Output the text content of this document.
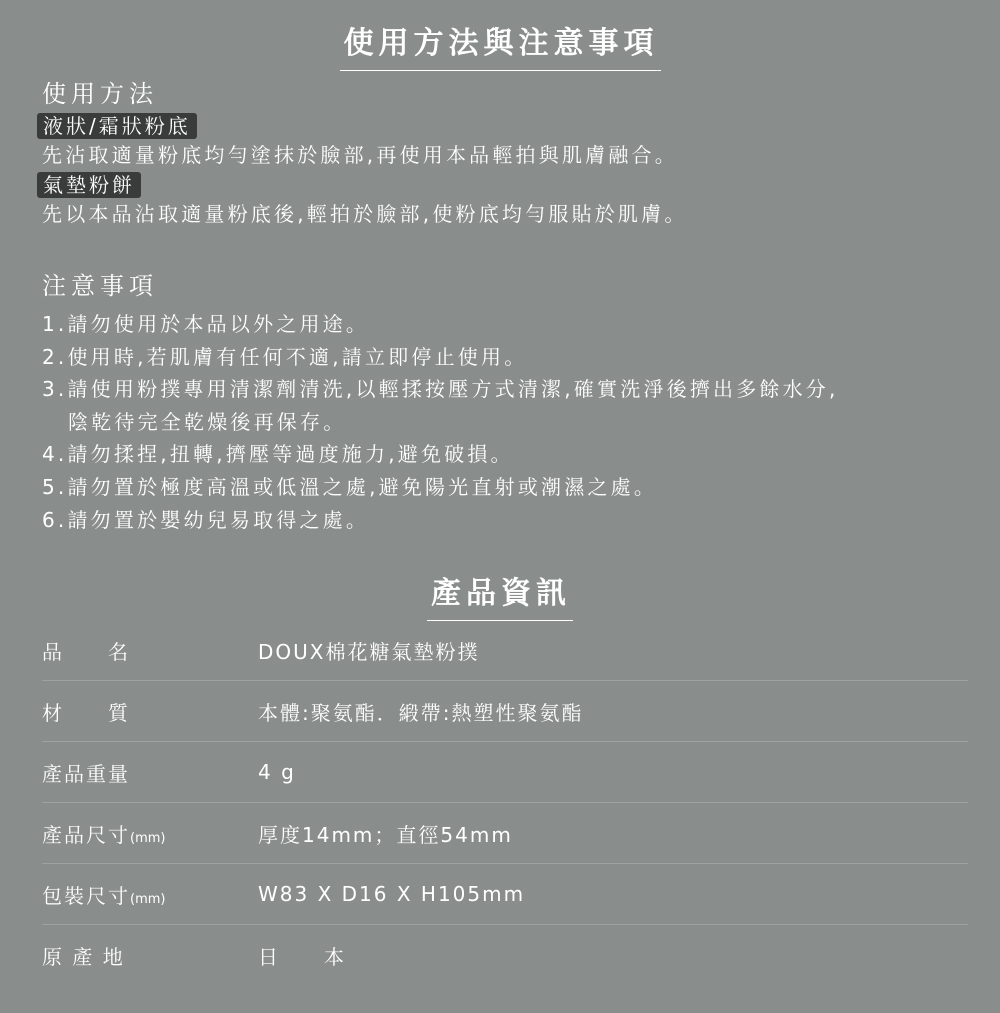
使用方法與注意事項
使用方法
液狀/霜狀粉底
先沾取適量粉底均勻塗抹於臉部,再使用本品輕拍與肌膚融合。
氣墊粉餅
先以本品沾取適量粉底後,輕拍於臉部,使粉底均勻服貼於肌膚。
注意事項
1.請勿使用於本品以外之用途。
2.使用時,若肌膚有任何不適,請立即停止使用。
3.請使用粉撲專用清潔劑清洗,以輕揉按壓方式清潔,確實洗淨後擠出多餘水分,
陰乾待完全乾燥後再保存。
4.請勿揉捏,扭轉,擠壓等過度施力,避免破損。
5.請勿置於極度高溫或低溫之處,避免陽光直射或潮濕之處。
6.請勿置於嬰幼兒易取得之處。
產品資訊
品　　名	DOUX棉花糖氣墊粉撲
材　　質	本體:聚氨酯．緞帶:熱塑性聚氨酯
產品重量	4 g
產品尺寸(mm)	厚度14mm；直徑54mm
包裝尺寸(mm)	W83 X D16 X H105mm
原 產 地	日　　本
